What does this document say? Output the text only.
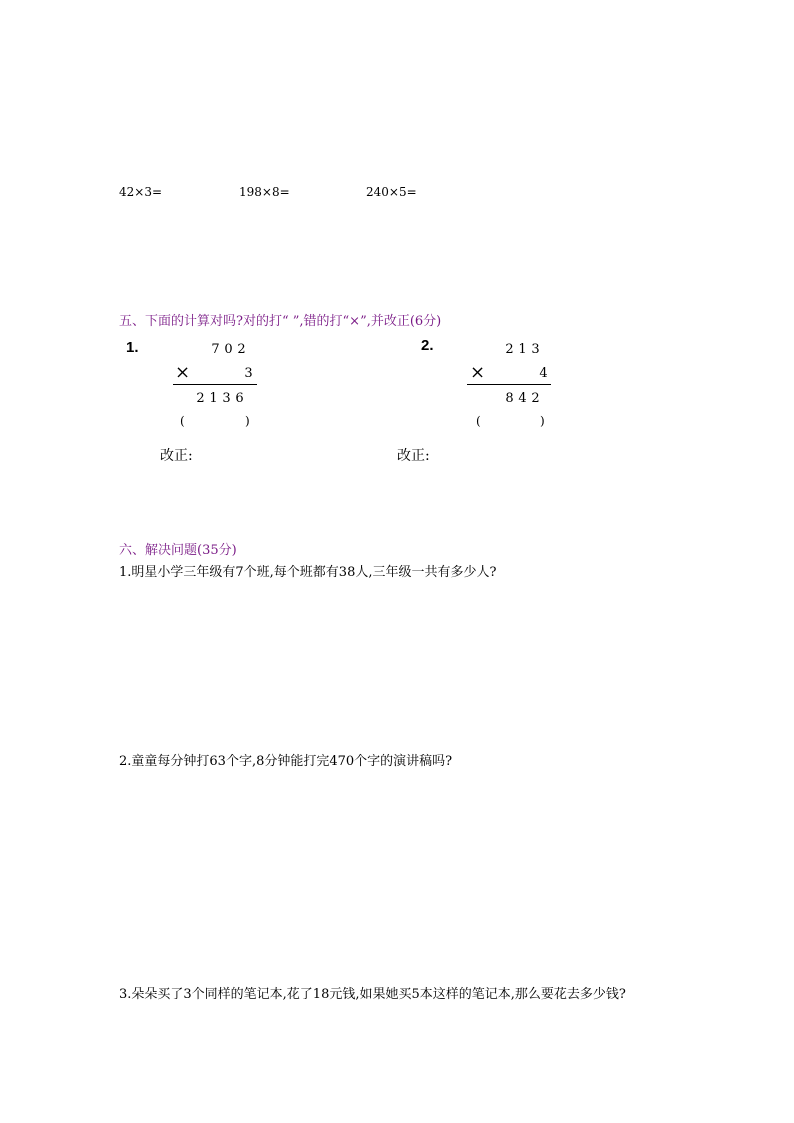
42×3=	198×8=	240×5=
五、下面的计算对吗?对的打“ ”,错的打“×”,并改正(6分)
1.	7 0 2
×	3
2 1 3 6
(	)
改正:
2.	2 1 3
×	4
8 4 2
(	)
改正:
六、解决问题(35分)
1.明星小学三年级有7个班,每个班都有38人,三年级一共有多少人?
2.童童每分钟打63个字,8分钟能打完470个字的演讲稿吗?
3.朵朵买了3个同样的笔记本,花了18元钱,如果她买5本这样的笔记本,那么要花去多少钱?
